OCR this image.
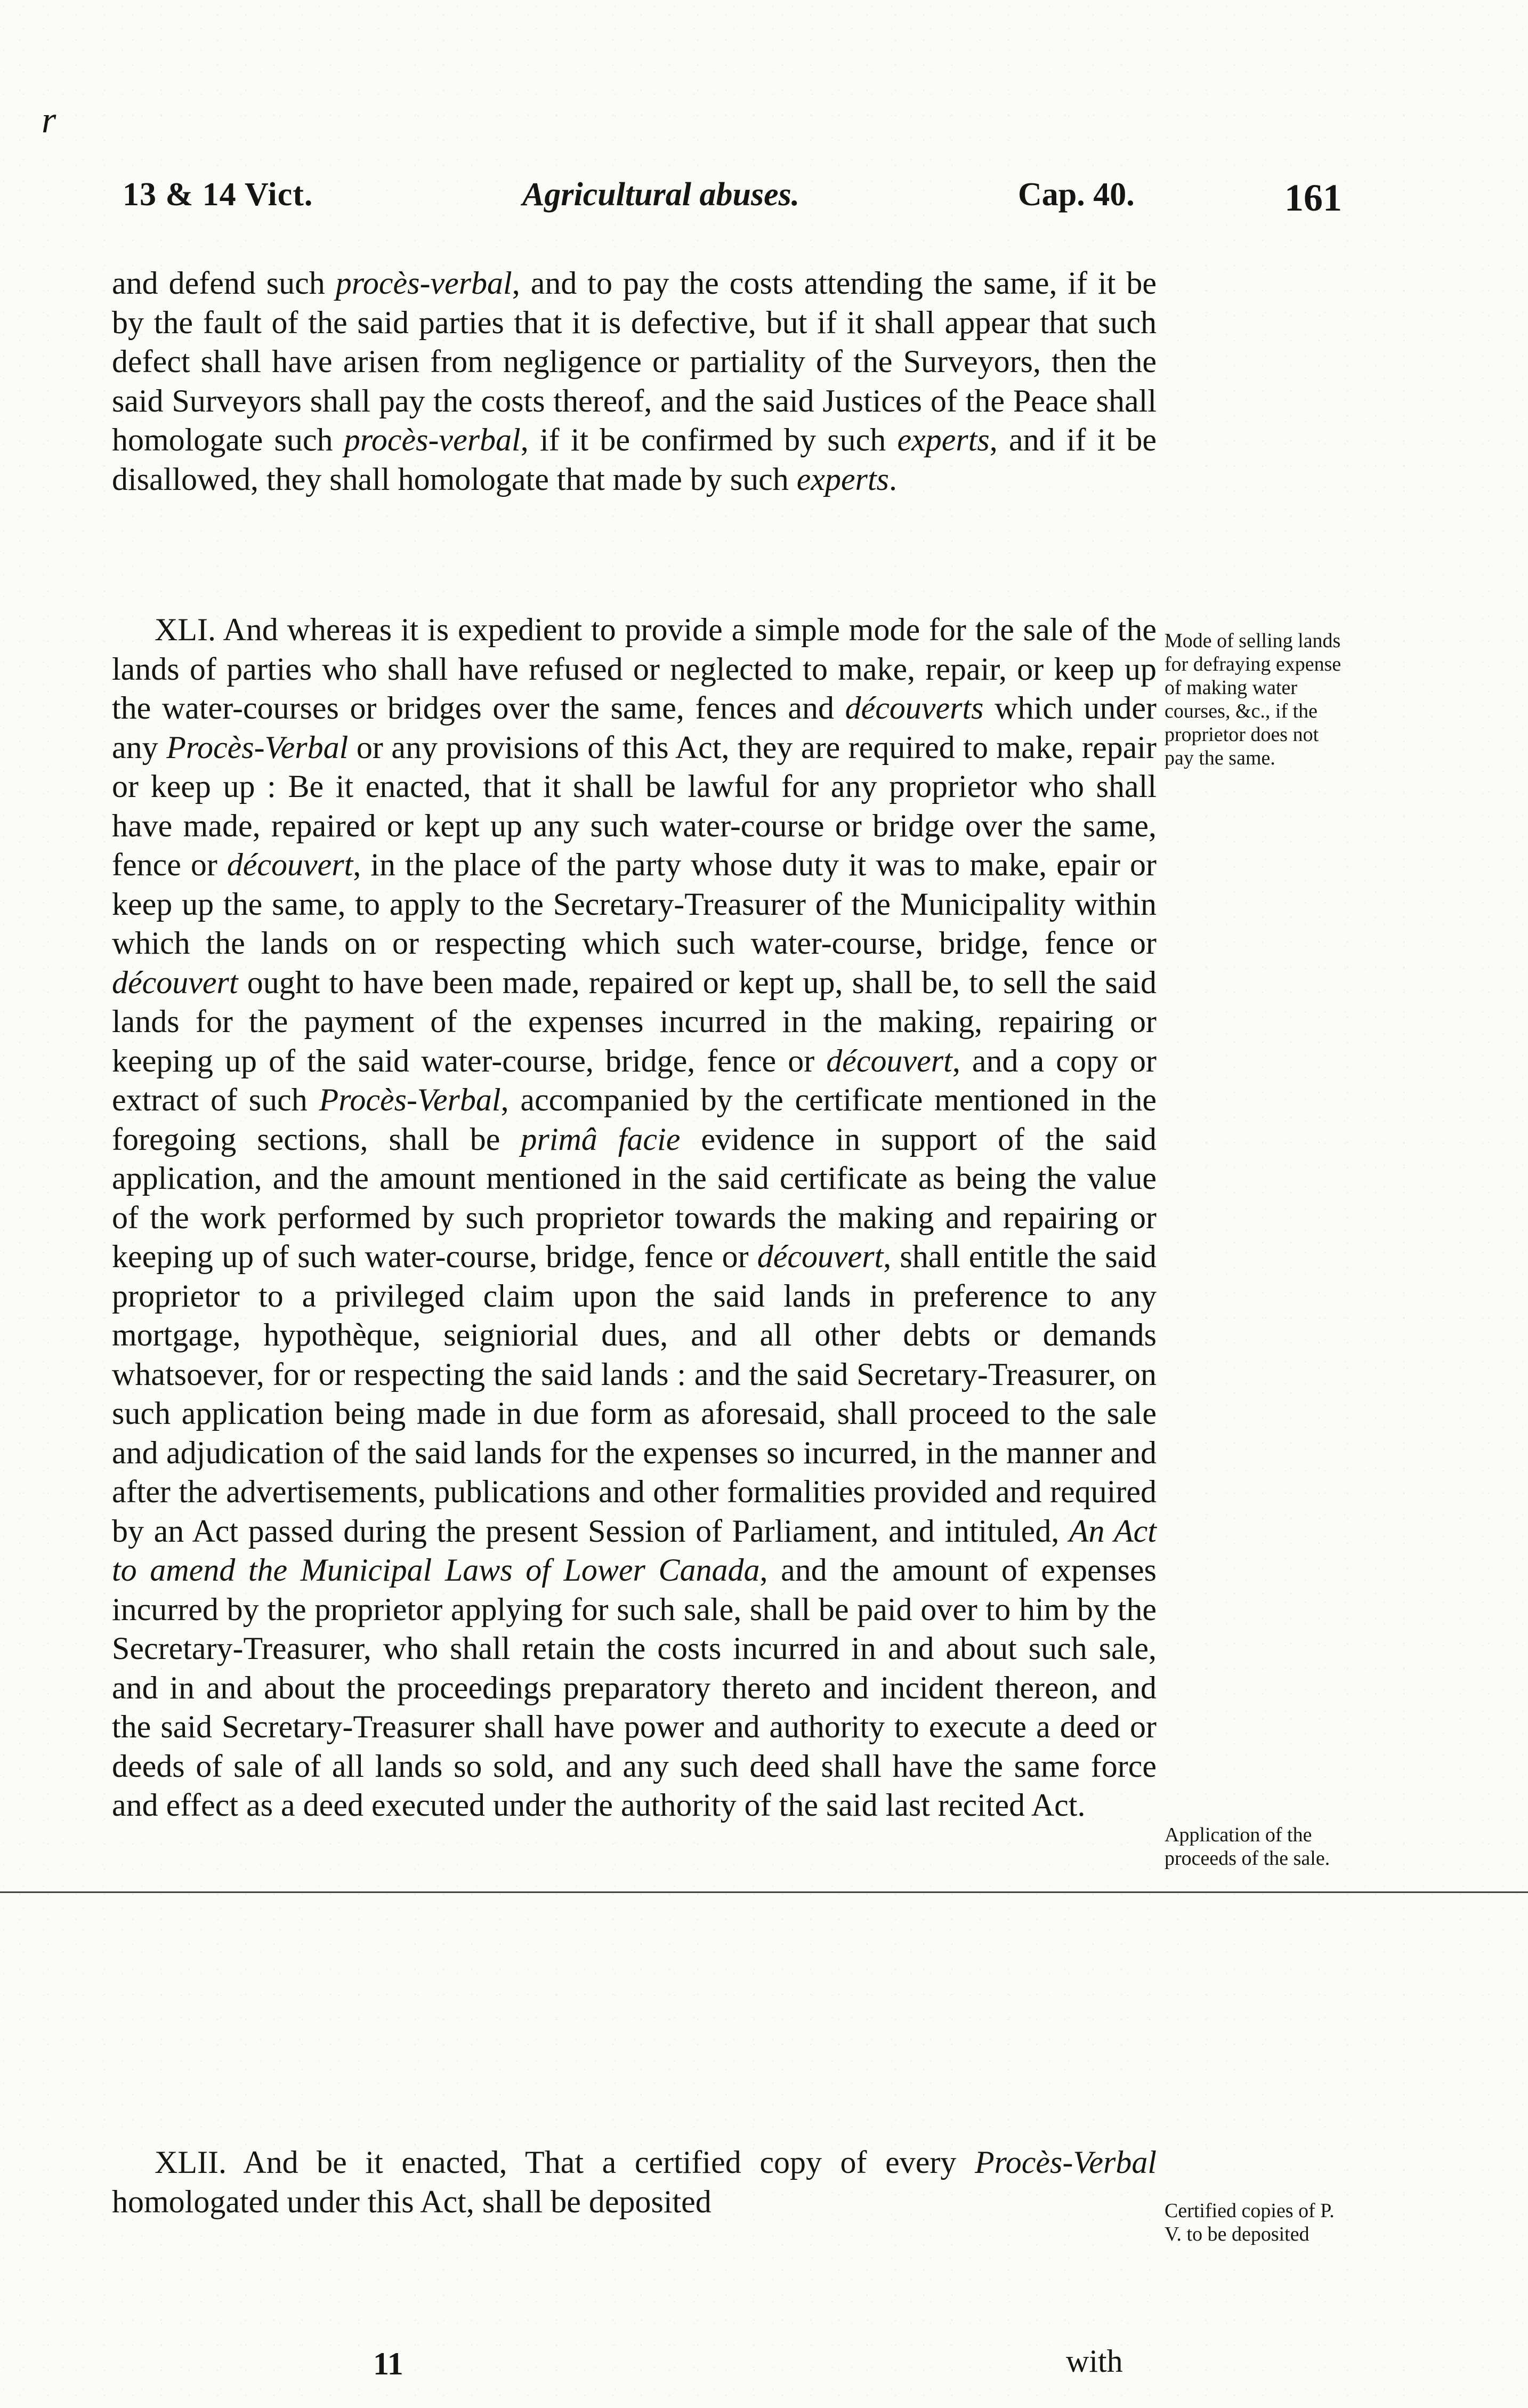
r
13 & 14 Vict.	Agricultural abuses.	Cap. 40.	161

and defend such procès-verbal, and to pay the costs attending the same, if it be by the fault of the said parties that it is defective, but if it shall appear that such defect shall have arisen from negligence or partiality of the Surveyors, then the said Surveyors shall pay the costs thereof, and the said Justices of the Peace shall homologate such procès-verbal, if it be confirmed by such experts, and if it be disallowed, they shall homologate that made by such experts.

XLI. And whereas it is expedient to provide a simple mode for the sale of the lands of parties who shall have refused or neglected to make, repair, or keep up the water-courses or bridges over the same, fences and découverts which under any Procès-Verbal or any provisions of this Act, they are required to make, repair or keep up : Be it enacted, that it shall be lawful for any proprietor who shall have made, repaired or kept up any such water-course or bridge over the same, fence or découvert, in the place of the party whose duty it was to make, epair or keep up the same, to apply to the Secretary-Treasurer of the Municipality within which the lands on or respecting which such water-course, bridge, fence or découvert ought to have been made, repaired or kept up, shall be, to sell the said lands for the payment of the expenses incurred in the making, repairing or keeping up of the said water-course, bridge, fence or découvert, and a copy or extract of such Procès-Verbal, accompanied by the certificate mentioned in the foregoing sections, shall be primâ facie evidence in support of the said application, and the amount mentioned in the said certificate as being the value of the work performed by such proprietor towards the making and repairing or keeping up of such water-course, bridge, fence or découvert, shall entitle the said proprietor to a privileged claim upon the said lands in preference to any mortgage, hypothèque, seigniorial dues, and all other debts or demands whatsoever, for or respecting the said lands : and the said Secretary-Treasurer, on such application being made in due form as aforesaid, shall proceed to the sale and adjudication of the said lands for the expenses so incurred, in the manner and after the advertisements, publications and other formalities provided and required by an Act passed during the present Session of Parliament, and intituled, An Act to amend the Municipal Laws of Lower Canada, and the amount of expenses incurred by the proprietor applying for such sale, shall be paid over to him by the Secretary-Treasurer, who shall retain the costs incurred in and about such sale, and in and about the proceedings preparatory thereto and incident thereon, and the said Secretary-Treasurer shall have power and authority to execute a deed or deeds of sale of all lands so sold, and any such deed shall have the same force and effect as a deed executed under the authority of the said last recited Act.

XLII. And be it enacted, That a certified copy of every Procès-Verbal homologated under this Act, shall be deposited

Mode of selling lands for defraying expense of making water courses, &c., if the proprietor does not pay the same.
Application of the proceeds of the sale.
Certified copies of P. V. to be deposited
11	with
